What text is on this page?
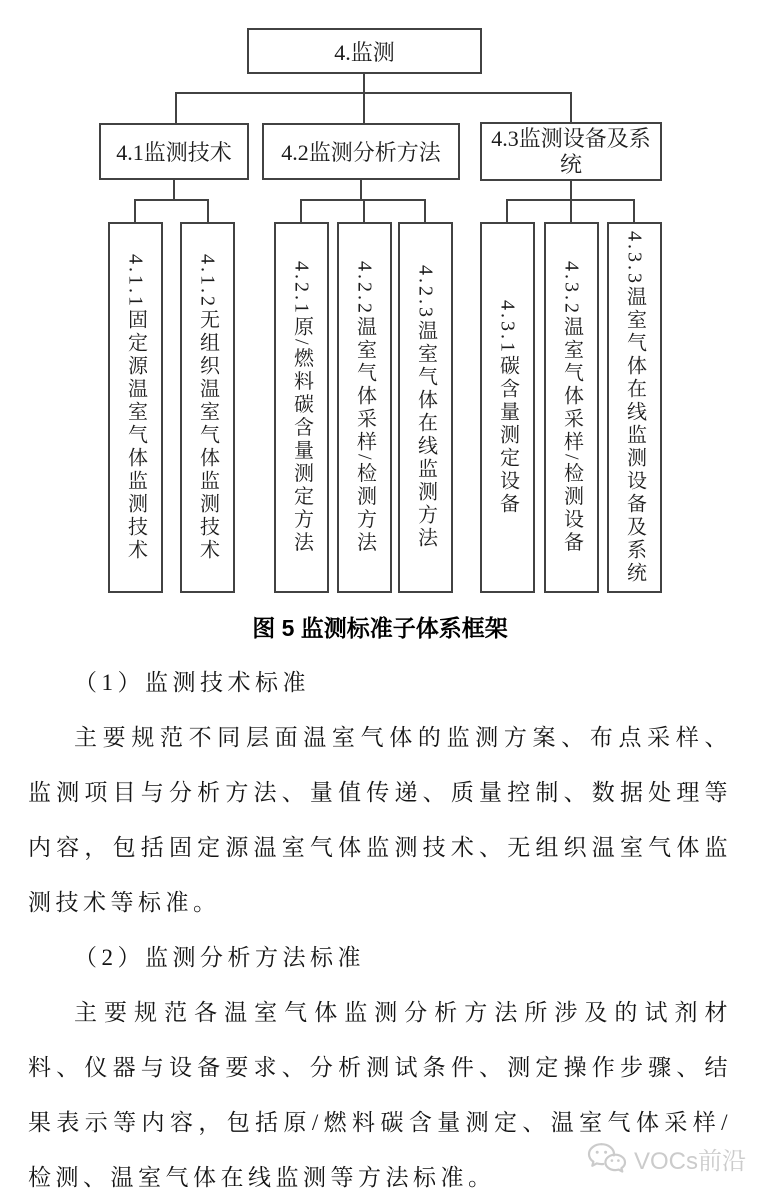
4.监测
4.1监测技术	4.2监测分析方法
4.3监测设备及系统
4.1.1固定源温室气体监测技术	4.1.2无组织温室气体监测技术	4.2.1原/燃料碳含量测定方法 4.2.2温室气体采样/检测方法 4.2.3温室气体在线监测方法	4.3.1碳含量测定设备 4.3.2温室气体采样/检测设备 4.3.3温室气体在线监测设备及系统
图 5 监测标准子体系框架

（1）监测技术标准

主要规范不同层面温室气体的监测方案、布点采样、监测项目与分析方法、量值传递、质量控制、数据处理等内容，包括固定源温室气体监测技术、无组织温室气体监测技术等标准。

（2）监测分析方法标准

主要规范各温室气体监测分析方法所涉及的试剂材料、仪器与设备要求、分析测试条件、测定操作步骤、结果表示等内容，包括原/燃料碳含量测定、温室气体采样/检测、温室气体在线监测等方法标准。

VOCs前沿
